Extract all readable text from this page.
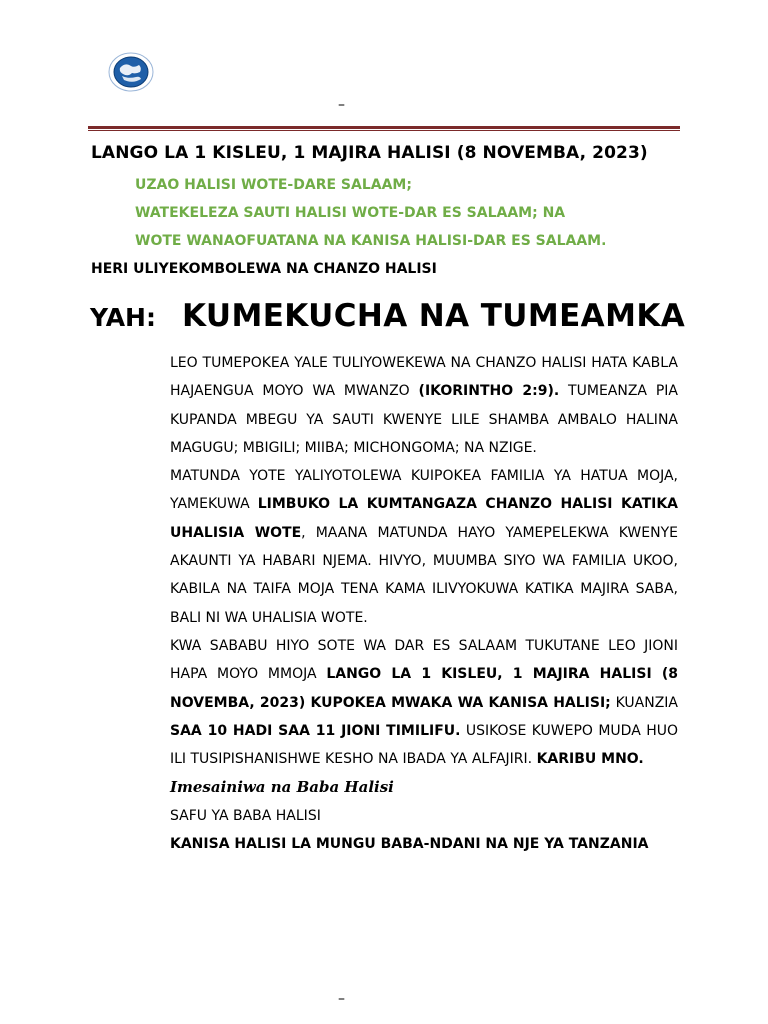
–
LANGO LA 1 KISLEU, 1 MAJIRA HALISI (8 NOVEMBA, 2023)
UZAO HALISI WOTE-DARE SALAAM;
WATEKELEZA SAUTI HALISI WOTE-DAR ES SALAAM; NA
WOTE WANAOFUATANA NA KANISA HALISI-DAR ES SALAAM.
HERI ULIYEKOMBOLEWA NA CHANZO HALISI
YAH: KUMEKUCHA NA TUMEAMKA

LEO TUMEPOKEA YALE TULIYOWEKEWA NA CHANZO HALISI HATA KABLA HAJAENGUA MOYO WA MWANZO (IKORINTHO 2:9). TUMEANZA PIA KUPANDA MBEGU YA SAUTI KWENYE LILE SHAMBA AMBALO HALINA MAGUGU; MBIGILI; MIIBA; MICHONGOMA; NA NZIGE.

MATUNDA YOTE YALIYOTOLEWA KUIPOKEA FAMILIA YA HATUA MOJA, YAMEKUWA LIMBUKO LA KUMTANGAZA CHANZO HALISI KATIKA UHALISIA WOTE, MAANA MATUNDA HAYO YAMEPELEKWA KWENYE AKAUNTI YA HABARI NJEMA. HIVYO, MUUMBA SIYO WA FAMILIA UKOO, KABILA NA TAIFA MOJA TENA KAMA ILIVYOKUWA KATIKA MAJIRA SABA, BALI NI WA UHALISIA WOTE.

KWA SABABU HIYO SOTE WA DAR ES SALAAM TUKUTANE LEO JIONI HAPA MOYO MMOJA LANGO LA 1 KISLEU, 1 MAJIRA HALISI (8 NOVEMBA, 2023) KUPOKEA MWAKA WA KANISA HALISI; KUANZIA SAA 10 HADI SAA 11 JIONI TIMILIFU. USIKOSE KUWEPO MUDA HUO ILI TUSIPISHANISHWE KESHO NA IBADA YA ALFAJIRI. KARIBU MNO.

Imesainiwa na Baba Halisi

SAFU YA BABA HALISI

KANISA HALISI LA MUNGU BABA-NDANI NA NJE YA TANZANIA

–
